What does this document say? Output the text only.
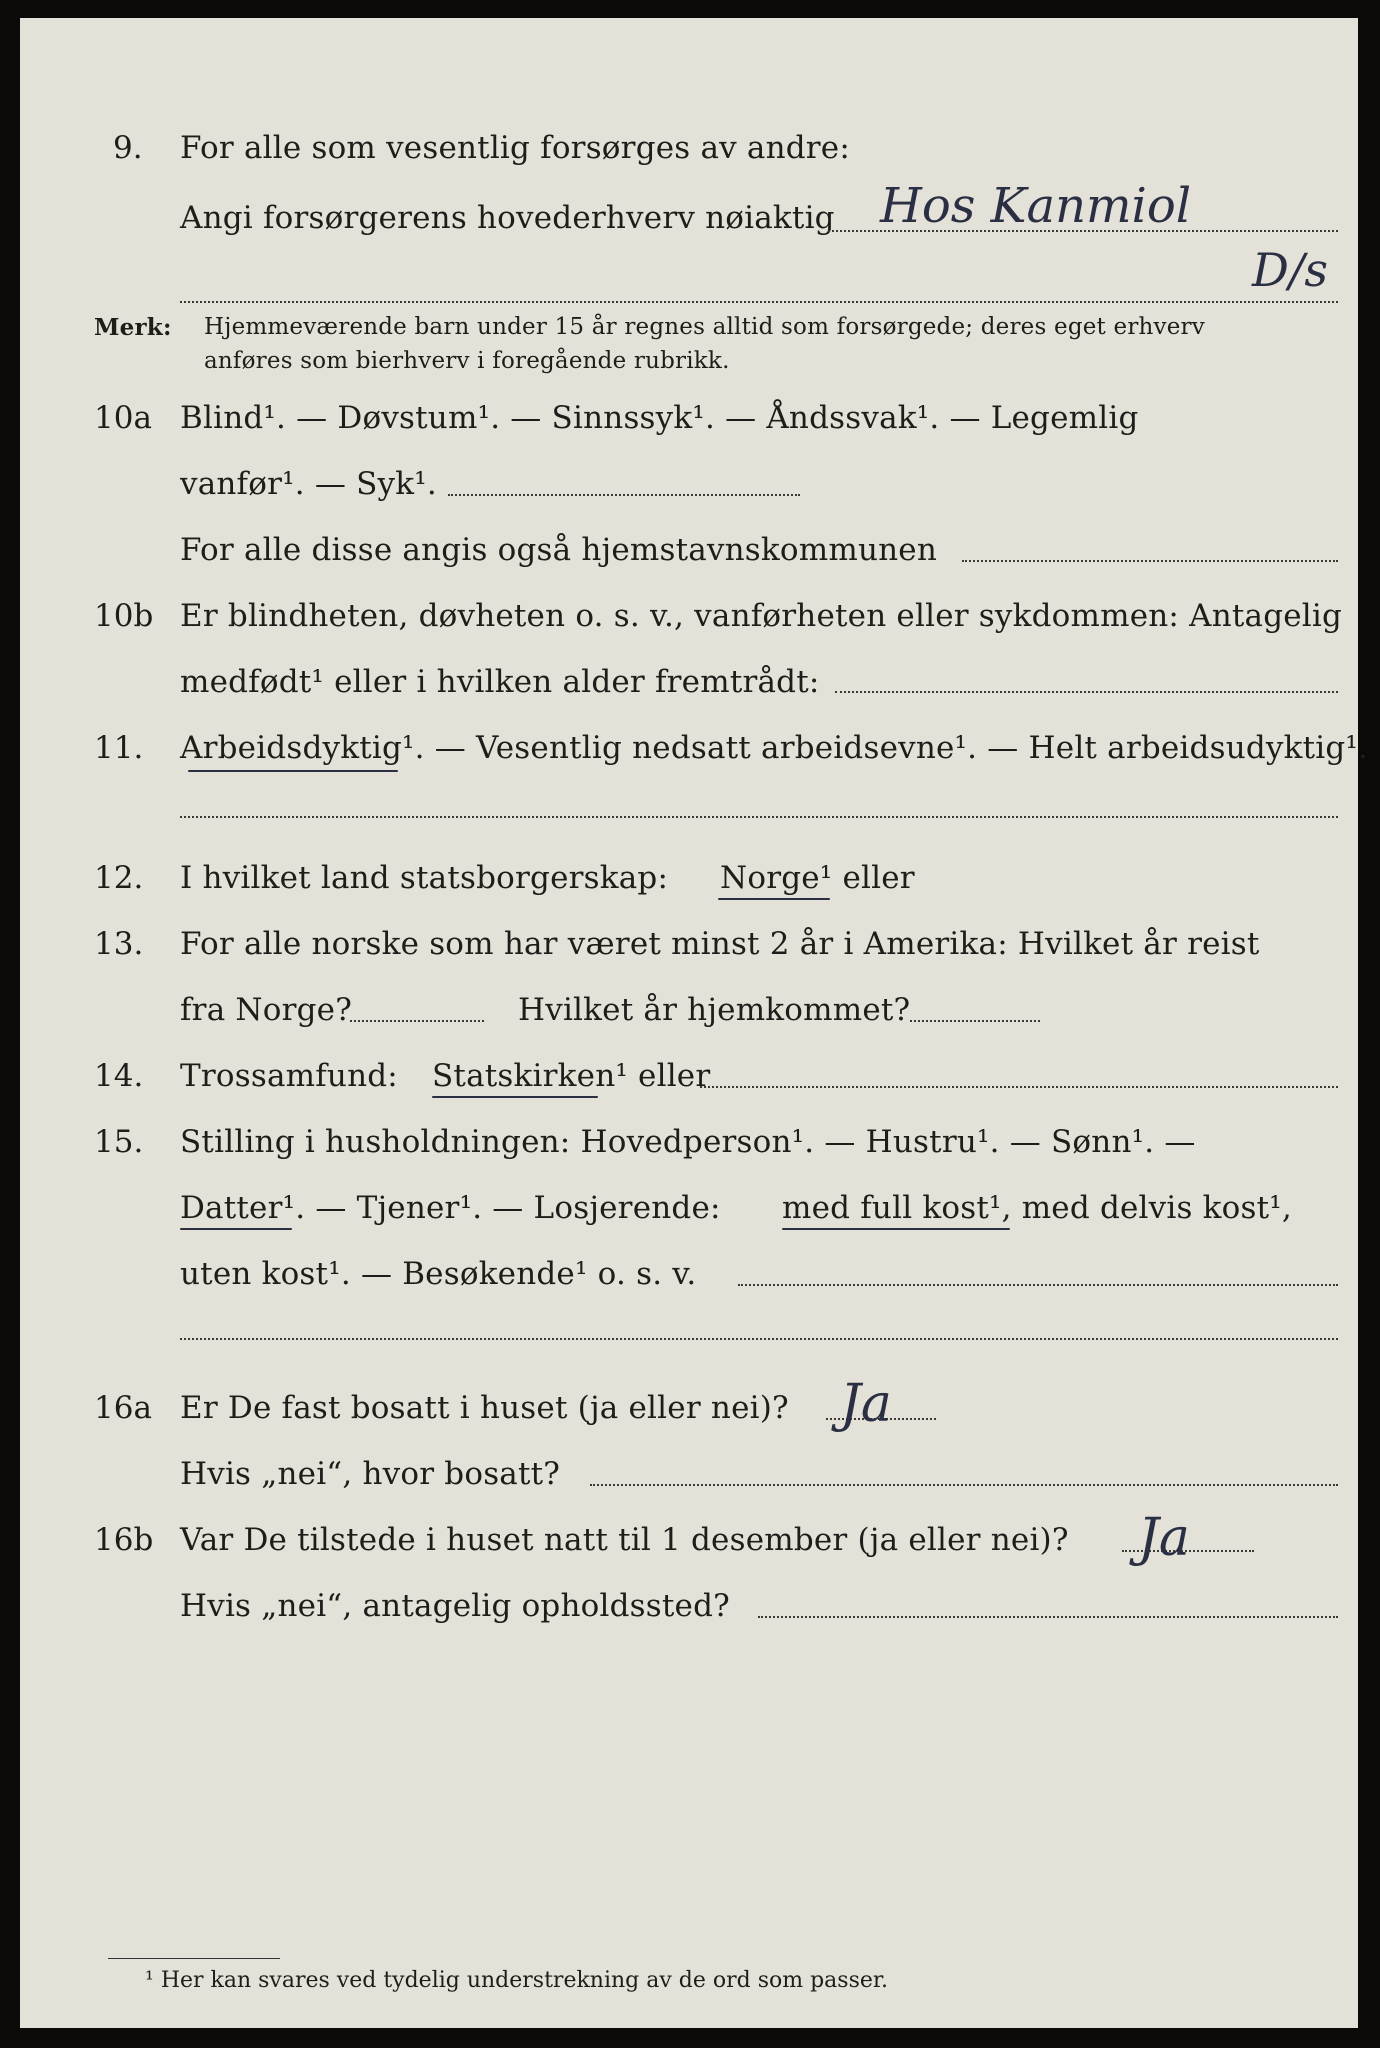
9. For alle som vesentlig forsørges av andre:
Angi forsørgerens hovederhverv nøiaktig Hos Kanmiol
D/s
Merk: Hjemmeværende barn under 15 år regnes alltid som forsørgede; deres eget erhverv
anføres som bierhverv i foregående rubrikk.
10a Blind¹. — Døvstum¹. — Sinnssyk¹. — Åndssvak¹. — Legemlig
vanfør¹. — Syk¹.
For alle disse angis også hjemstavnskommunen
10b Er blindheten, døvheten o. s. v., vanførheten eller sykdommen: Antagelig
medfødt¹ eller i hvilken alder fremtrådt:
11. Arbeidsdyktig¹. — Vesentlig nedsatt arbeidsevne¹. — Helt arbeidsudyktig¹.
12. I hvilket land statsborgerskap: Norge¹ eller
13. For alle norske som har været minst 2 år i Amerika: Hvilket år reist
fra Norge?	Hvilket år hjemkommet?
14. Trossamfund: Statskirken¹ eller
15. Stilling i husholdningen: Hovedperson¹. — Hustru¹. — Sønn¹. —
Datter¹. — Tjener¹. — Losjerende: med full kost¹, med delvis kost¹,
uten kost¹. — Besøkende¹ o. s. v.
16a Er De fast bosatt i huset (ja eller nei)? Ja
Hvis „nei“, hvor bosatt?
16b Var De tilstede i huset natt til 1 desember (ja eller nei)? Ja
Hvis „nei“, antagelig opholdssted?
¹ Her kan svares ved tydelig understrekning av de ord som passer.
